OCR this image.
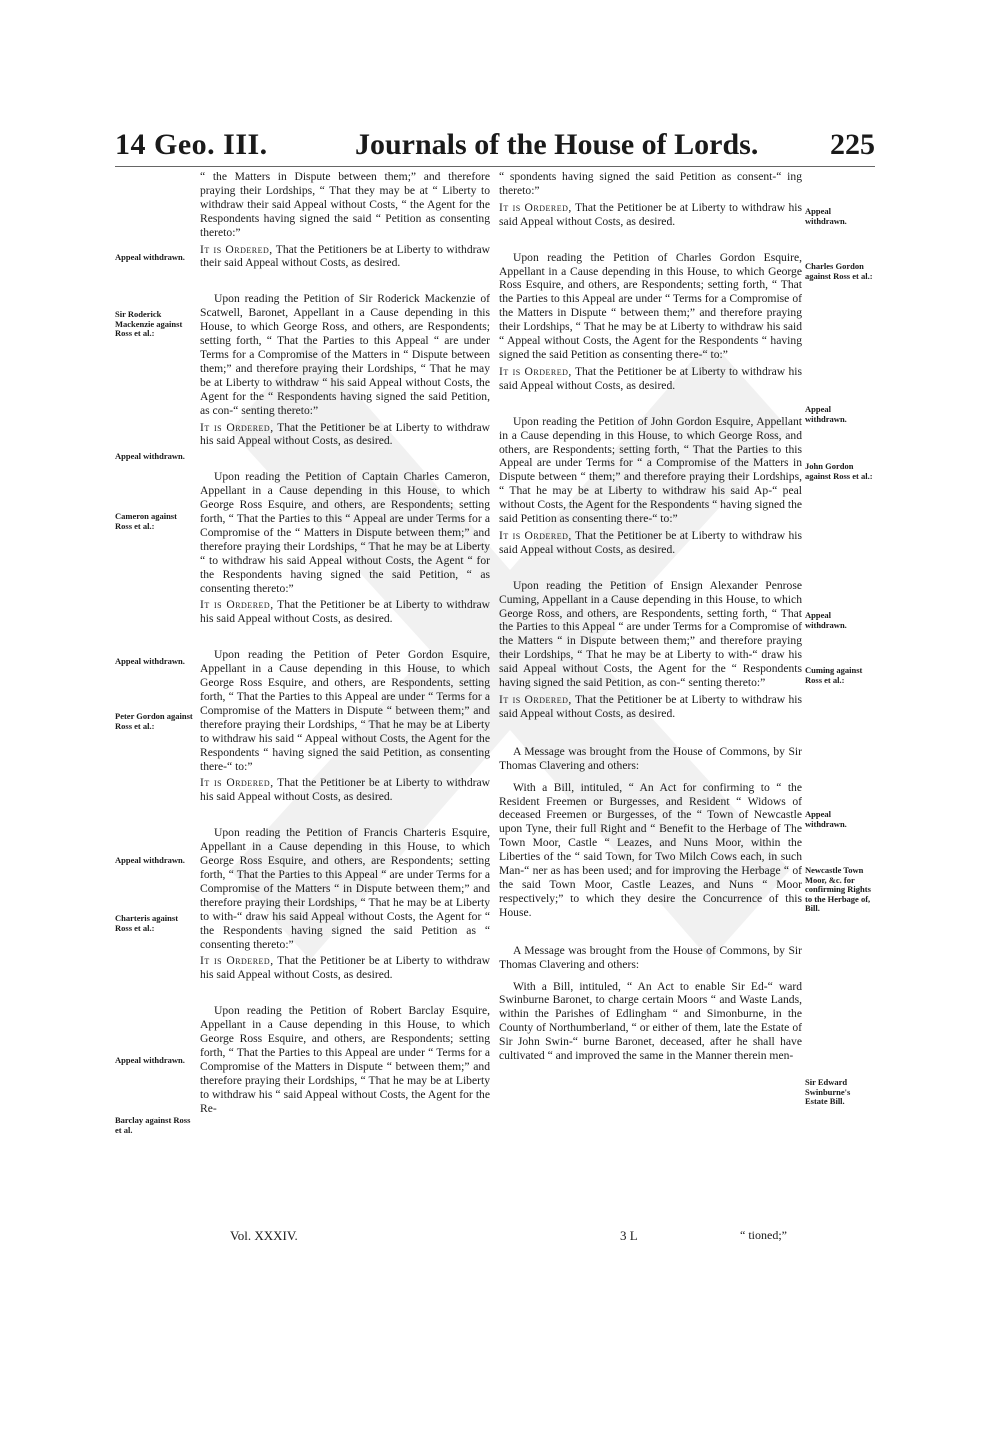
14 Geo. III.	Journals of the House of Lords. 225

“ the Matters in Dispute between them;” and therefore praying their Lordships, “ That they may be at “ Liberty to withdraw their said Appeal without Costs, “ the Agent for the Respondents having signed the said “ Petition as consenting thereto:”

It is Ordered, That the Petitioners be at Liberty to withdraw their said Appeal without Costs, as desired.

Upon reading the Petition of Sir Roderick Mackenzie of Scatwell, Baronet, Appellant in a Cause depending in this House, to which George Ross, and others, are Respondents; setting forth, “ That the Parties to this Appeal “ are under Terms for a Compromise of the Matters in “ Dispute between them;” and therefore praying their Lordships, “ That he may be at Liberty to withdraw “ his said Appeal without Costs, the Agent for the “ Respondents having signed the said Petition, as con-“ senting thereto:”

It is Ordered, That the Petitioner be at Liberty to withdraw his said Appeal without Costs, as desired.

Upon reading the Petition of Captain Charles Cameron, Appellant in a Cause depending in this House, to which George Ross Esquire, and others, are Respondents; setting forth, “ That the Parties to this “ Appeal are under Terms for a Compromise of the “ Matters in Dispute between them;” and therefore praying their Lordships, “ That he may be at Liberty “ to withdraw his said Appeal without Costs, the Agent “ for the Respondents having signed the said Petition, “ as consenting thereto:”

It is Ordered, That the Petitioner be at Liberty to withdraw his said Appeal without Costs, as desired.

Upon reading the Petition of Peter Gordon Esquire, Appellant in a Cause depending in this House, to which George Ross Esquire, and others, are Respondents, setting forth, “ That the Parties to this Appeal are under “ Terms for a Compromise of the Matters in Dispute “ between them;” and therefore praying their Lordships, “ That he may be at Liberty to withdraw his said “ Appeal without Costs, the Agent for the Respondents “ having signed the said Petition, as consenting there-“ to:”

It is Ordered, That the Petitioner be at Liberty to withdraw his said Appeal without Costs, as desired.

Upon reading the Petition of Francis Charteris Esquire, Appellant in a Cause depending in this House, to which George Ross Esquire, and others, are Respondents; setting forth, “ That the Parties to this Appeal “ are under Terms for a Compromise of the Matters “ in Dispute between them;” and therefore praying their Lordships, “ That he may be at Liberty to with-“ draw his said Appeal without Costs, the Agent for “ the Respondents having signed the said Petition as “ consenting thereto:”

It is Ordered, That the Petitioner be at Liberty to withdraw his said Appeal without Costs, as desired.

Upon reading the Petition of Robert Barclay Esquire, Appellant in a Cause depending in this House, to which George Ross Esquire, and others, are Respondents; setting forth, “ That the Parties to this Appeal are under “ Terms for a Compromise of the Matters in Dispute “ between them;” and therefore praying their Lordships, “ That he may be at Liberty to withdraw his “ said Appeal without Costs, the Agent for the Re-

“ spondents having signed the said Petition as consent-“ ing thereto:”

It is Ordered, That the Petitioner be at Liberty to withdraw his said Appeal without Costs, as desired.

Upon reading the Petition of Charles Gordon Esquire, Appellant in a Cause depending in this House, to which George Ross Esquire, and others, are Respondents; setting forth, “ That the Parties to this Appeal are under “ Terms for a Compromise of the Matters in Dispute “ between them;” and therefore praying their Lordships, “ That he may be at Liberty to withdraw his said “ Appeal without Costs, the Agent for the Respondents “ having signed the said Petition as consenting there-“ to:”

It is Ordered, That the Petitioner be at Liberty to withdraw his said Appeal without Costs, as desired.

Upon reading the Petition of John Gordon Esquire, Appellant in a Cause depending in this House, to which George Ross, and others, are Respondents; setting forth, “ That the Parties to this Appeal are under Terms for “ a Compromise of the Matters in Dispute between “ them;” and therefore praying their Lordships, “ That he may be at Liberty to withdraw his said Ap-“ peal without Costs, the Agent for the Respondents “ having signed the said Petition as consenting there-“ to:”

It is Ordered, That the Petitioner be at Liberty to withdraw his said Appeal without Costs, as desired.

Upon reading the Petition of Ensign Alexander Penrose Cuming, Appellant in a Cause depending in this House, to which George Ross, and others, are Respondents, setting forth, “ That the Parties to this Appeal “ are under Terms for a Compromise of the Matters “ in Dispute between them;” and therefore praying their Lordships, “ That he may be at Liberty to with-“ draw his said Appeal without Costs, the Agent for the “ Respondents having signed the said Petition, as con-“ senting thereto:”

It is Ordered, That the Petitioner be at Liberty to withdraw his said Appeal without Costs, as desired.

A Message was brought from the House of Commons, by Sir Thomas Clavering and others:

With a Bill, intituled, “ An Act for confirming to “ the Resident Freemen or Burgesses, and Resident “ Widows of deceased Freemen or Burgesses, of the “ Town of Newcastle upon Tyne, their full Right and “ Benefit to the Herbage of The Town Moor, Castle “ Leazes, and Nuns Moor, within the Liberties of the “ said Town, for Two Milch Cows each, in such Man-“ ner as has been used; and for improving the Herbage “ of the said Town Moor, Castle Leazes, and Nuns “ Moor respectively;” to which they desire the Concurrence of this House.

A Message was brought from the House of Commons, by Sir Thomas Clavering and others:

With a Bill, intituled, “ An Act to enable Sir Ed-“ ward Swinburne Baronet, to charge certain Moors “ and Waste Lands, within the Parishes of Edlingham “ and Simonburne, in the County of Northumberland, “ or either of them, late the Estate of Sir John Swin-“ burne Baronet, deceased, after he shall have cultivated “ and improved the same in the Manner therein men-

Appeal withdrawn.
Sir Roderick Mackenzie against Ross et al.:
Appeal withdrawn.
Cameron against Ross et al.:
Appeal withdrawn.
Peter Gordon against Ross et al.:
Appeal withdrawn.
Charteris against Ross et al.:
Appeal withdrawn.
Barclay against Ross et al.
Appeal withdrawn.
Charles Gordon against Ross et al.:
Appeal withdrawn.
John Gordon against Ross et al.:
Appeal withdrawn.
Cuming against Ross et al.:
Appeal withdrawn.
Newcastle Town Moor, &c. for confirming Rights to the Herbage of, Bill.
Sir Edward Swinburne's Estate Bill.
Vol. XXXIV.	3 L	“ tioned;”
